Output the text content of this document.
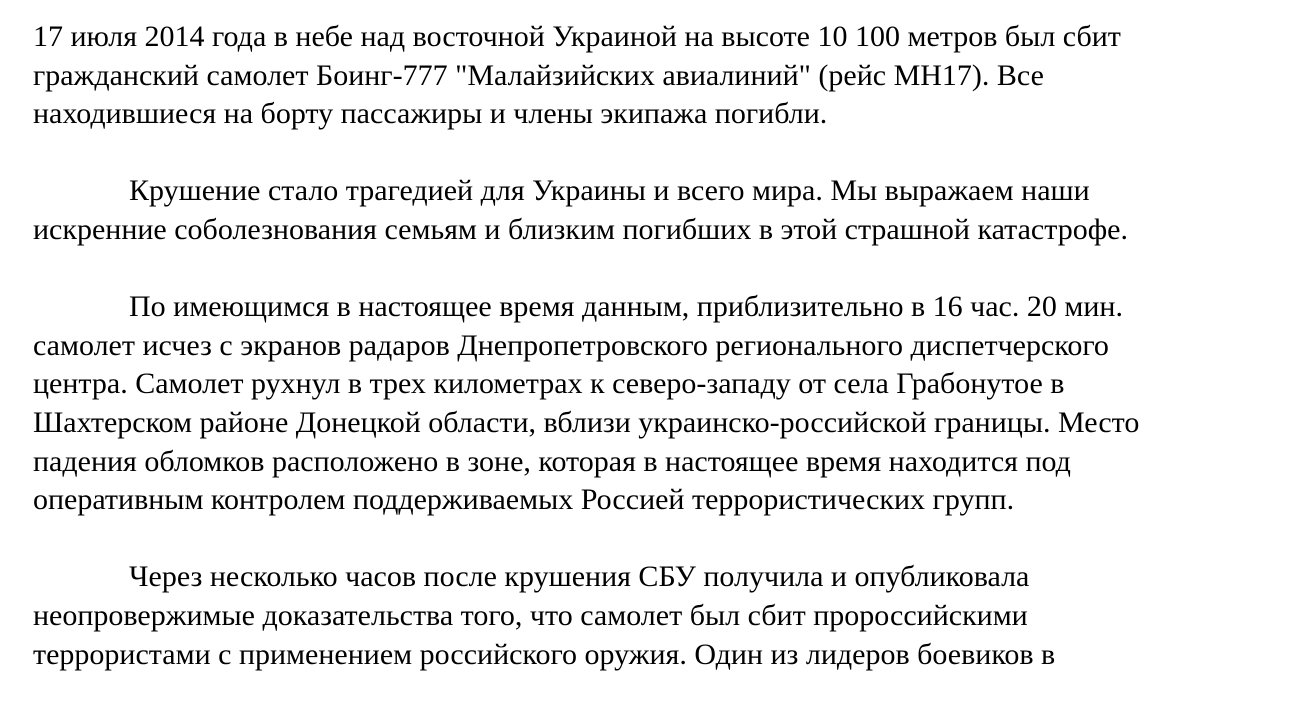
17 июля 2014 года в небе над восточной Украиной на высоте 10 100 метров был сбит
гражданский самолет Боинг-777 "Малайзийских авиалиний" (рейс МН17). Все
находившиеся на борту пассажиры и члены экипажа погибли.

Крушение стало трагедией для Украины и всего мира. Мы выражаем наши
искренние соболезнования семьям и близким погибших в этой страшной катастрофе.

По имеющимся в настоящее время данным, приблизительно в 16 час. 20 мин.
самолет исчез с экранов радаров Днепропетровского регионального диспетчерского
центра. Самолет рухнул в трех километрах к северо-западу от села Грабонутое в
Шахтерском районе Донецкой области, вблизи украинско-российской границы. Место
падения обломков расположено в зоне, которая в настоящее время находится под
оперативным контролем поддерживаемых Россией террористических групп.

Через несколько часов после крушения СБУ получила и опубликовала
неопровержимые доказательства того, что самолет был сбит пророссийскими
террористами с применением российского оружия. Один из лидеров боевиков в
